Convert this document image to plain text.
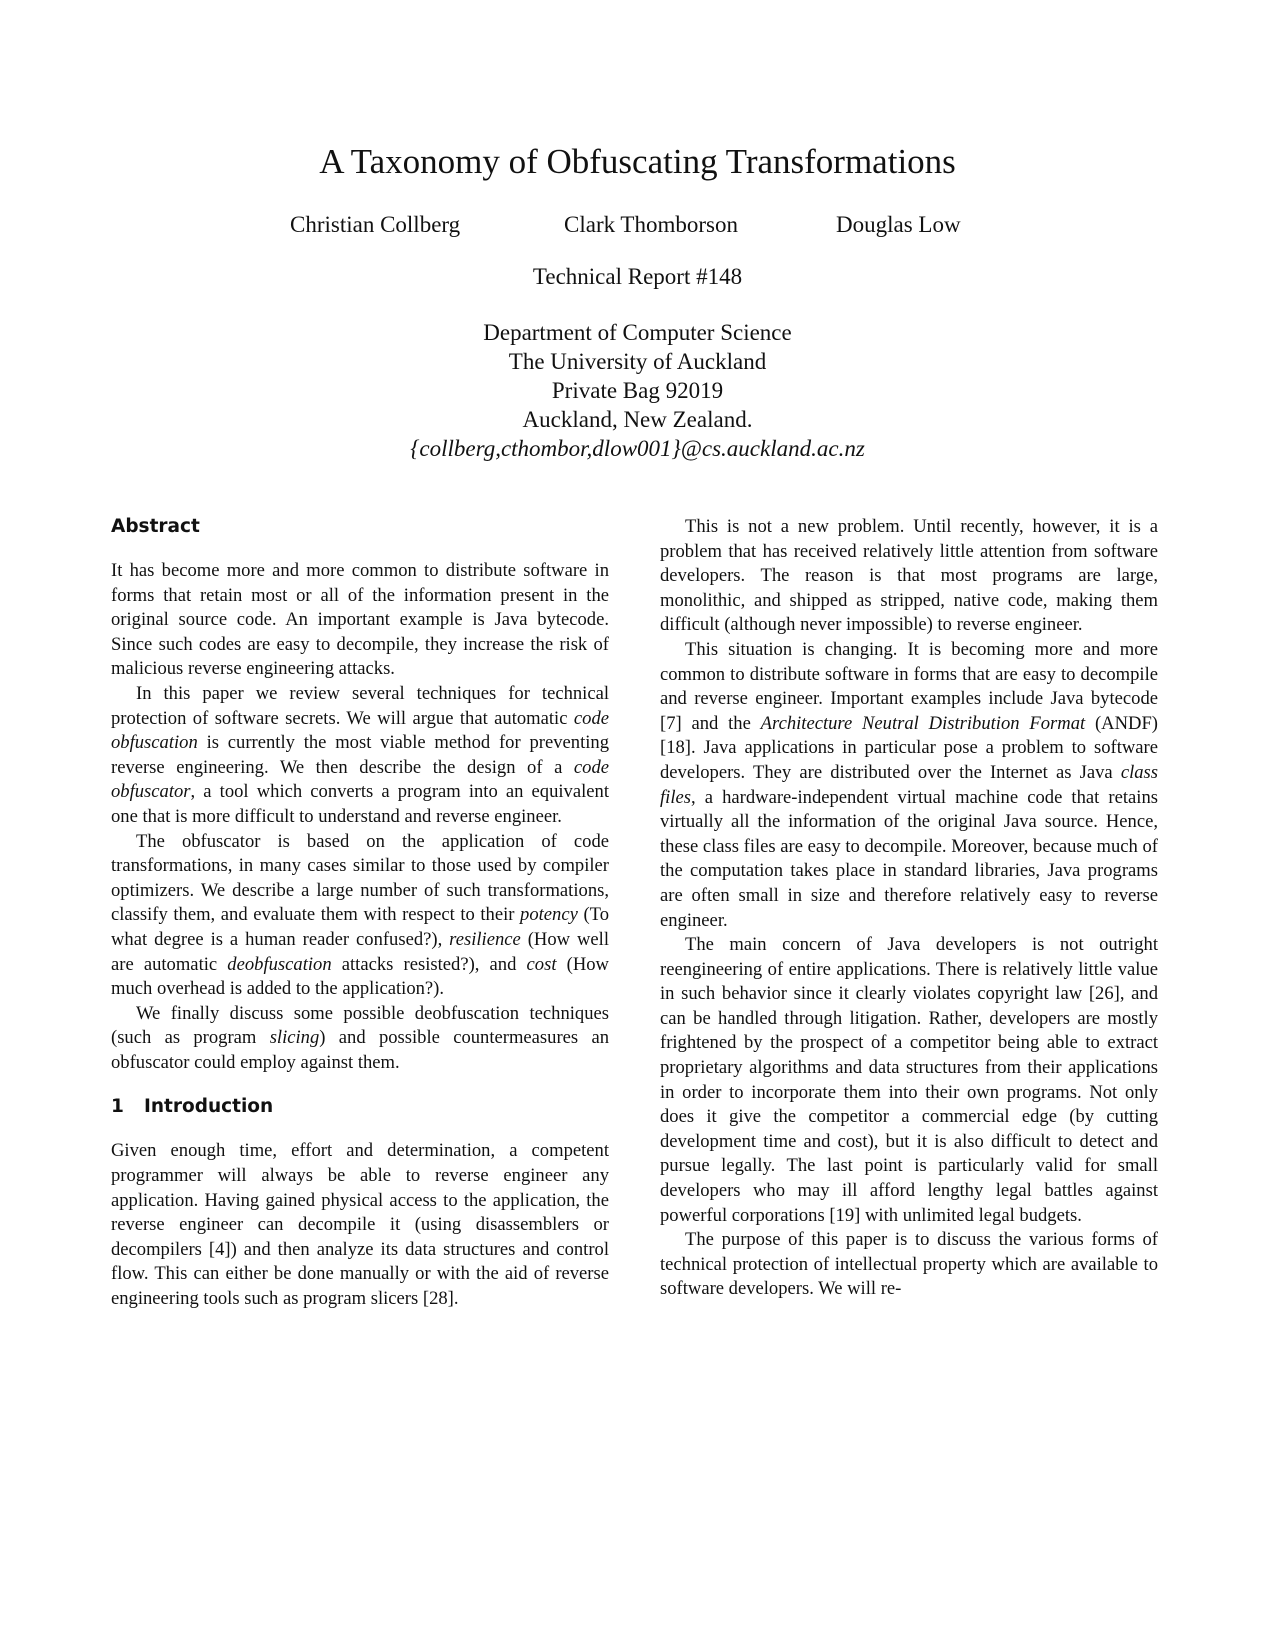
A Taxonomy of Obfuscating Transformations
Christian Collberg	Clark Thomborson	Douglas Low
Technical Report #148
Department of Computer Science
The University of Auckland
Private Bag 92019
Auckland, New Zealand.
{collberg,cthombor,dlow001}@cs.auckland.ac.nz
Abstract

It has become more and more common to distribute software in forms that retain most or all of the information present in the original source code. An important example is Java bytecode. Since such codes are easy to decompile, they increase the risk of malicious reverse engineering attacks.

In this paper we review several techniques for technical protection of software secrets. We will argue that automatic code obfuscation is currently the most viable method for preventing reverse engineering. We then describe the design of a code obfuscator, a tool which converts a program into an equivalent one that is more difficult to understand and reverse engineer.

The obfuscator is based on the application of code transformations, in many cases similar to those used by compiler optimizers. We describe a large number of such transformations, classify them, and evaluate them with respect to their potency (To what degree is a human reader confused?), resilience (How well are automatic deobfuscation attacks resisted?), and cost (How much overhead is added to the application?).

We finally discuss some possible deobfuscation techniques (such as program slicing) and possible countermeasures an obfuscator could employ against them.

1 Introduction

Given enough time, effort and determination, a competent programmer will always be able to reverse engineer any application. Having gained physical access to the application, the reverse engineer can decompile it (using disassemblers or decompilers [4]) and then analyze its data structures and control flow. This can either be done manually or with the aid of reverse engineering tools such as program slicers [28].

This is not a new problem. Until recently, however, it is a problem that has received relatively little attention from software developers. The reason is that most programs are large, monolithic, and shipped as stripped, native code, making them difficult (although never impossible) to reverse engineer.

This situation is changing. It is becoming more and more common to distribute software in forms that are easy to decompile and reverse engineer. Important examples include Java bytecode [7] and the Architecture Neutral Distribution Format (ANDF) [18]. Java applications in particular pose a problem to software developers. They are distributed over the Internet as Java class files, a hardware-independent virtual machine code that retains virtually all the information of the original Java source. Hence, these class files are easy to decompile. Moreover, because much of the computation takes place in standard libraries, Java programs are often small in size and therefore relatively easy to reverse engineer.

The main concern of Java developers is not outright reengineering of entire applications. There is relatively little value in such behavior since it clearly violates copyright law [26], and can be handled through litigation. Rather, developers are mostly frightened by the prospect of a competitor being able to extract proprietary algorithms and data structures from their applications in order to incorporate them into their own programs. Not only does it give the competitor a commercial edge (by cutting development time and cost), but it is also difficult to detect and pursue legally. The last point is particularly valid for small developers who may ill afford lengthy legal battles against powerful corporations [19] with unlimited legal budgets.

The purpose of this paper is to discuss the various forms of technical protection of intellectual property which are available to software developers. We will re-
